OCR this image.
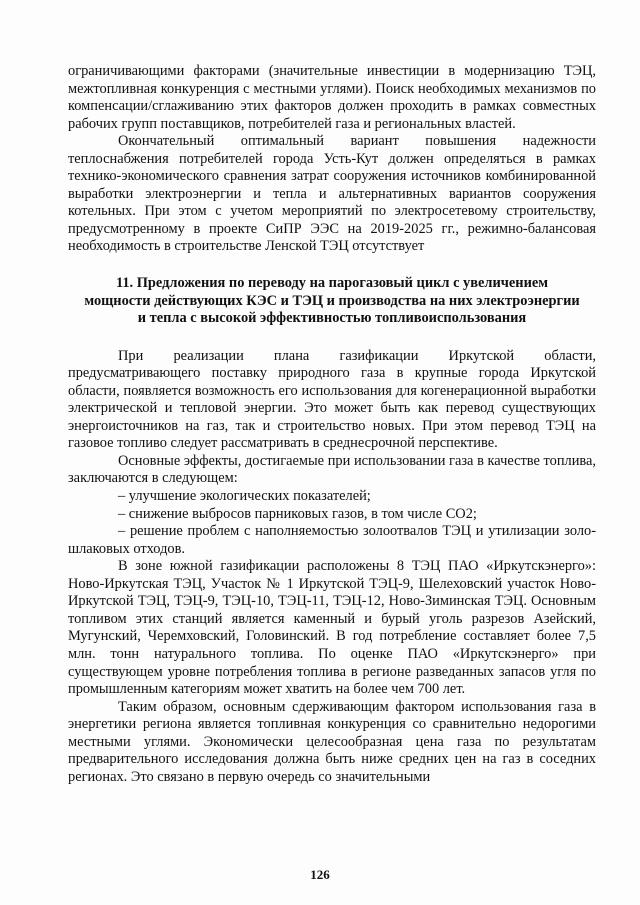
ограничивающими факторами (значительные инвестиции в модернизацию ТЭЦ, межтопливная конкуренция с местными углями). Поиск необходимых механизмов по компенсации/сглаживанию этих факторов должен проходить в рамках совместных рабочих групп поставщиков, потребителей газа и региональных властей.

Окончательный оптимальный вариант повышения надежности теплоснабжения потребителей города Усть-Кут должен определяться в рамках технико-экономического сравнения затрат сооружения источников комбинированной выработки электроэнергии и тепла и альтернативных вариантов сооружения котельных. При этом с учетом мероприятий по электросетевому строительству, предусмотренному в проекте СиПР ЭЭС на 2019-2025 гг., режимно-балансовая необходимость в строительстве Ленской ТЭЦ отсутствует

11. Предложения по переводу на парогазовый цикл с увеличением
мощности действующих КЭС и ТЭЦ и производства на них электроэнергии
и тепла с высокой эффективностью топливоиспользования

При реализации плана газификации Иркутской области, предусматривающего поставку природного газа в крупные города Иркутской области, появляется возможность его использования для когенерационной выработки электрической и тепловой энергии. Это может быть как перевод существующих энергоисточников на газ, так и строительство новых. При этом перевод ТЭЦ на газовое топливо следует рассматривать в среднесрочной перспективе.

Основные эффекты, достигаемые при использовании газа в качестве топлива, заключаются в следующем:

– улучшение экологических показателей;

– снижение выбросов парниковых газов, в том числе СО2;

– решение проблем с наполняемостью золоотвалов ТЭЦ и утилизации золо-шлаковых отходов.

В зоне южной газификации расположены 8 ТЭЦ ПАО «Иркутскэнерго»: Ново-Иркутская ТЭЦ, Участок № 1 Иркутской ТЭЦ-9, Шелеховский участок Ново-Иркутской ТЭЦ, ТЭЦ-9, ТЭЦ-10, ТЭЦ-11, ТЭЦ-12, Ново-Зиминская ТЭЦ. Основным топливом этих станций является каменный и бурый уголь разрезов Азейский, Мугунский, Черемховский, Головинский. В год потребление составляет более 7,5 млн. тонн натурального топлива. По оценке ПАО «Иркутскэнерго» при существующем уровне потребления топлива в регионе разведанных запасов угля по промышленным категориям может хватить на более чем 700 лет.

Таким образом, основным сдерживающим фактором использования газа в энергетики региона является топливная конкуренция со сравнительно недорогими местными углями. Экономически целесообразная цена газа по результатам предварительного исследования должна быть ниже средних цен на газ в соседних регионах. Это связано в первую очередь со значительными

126
